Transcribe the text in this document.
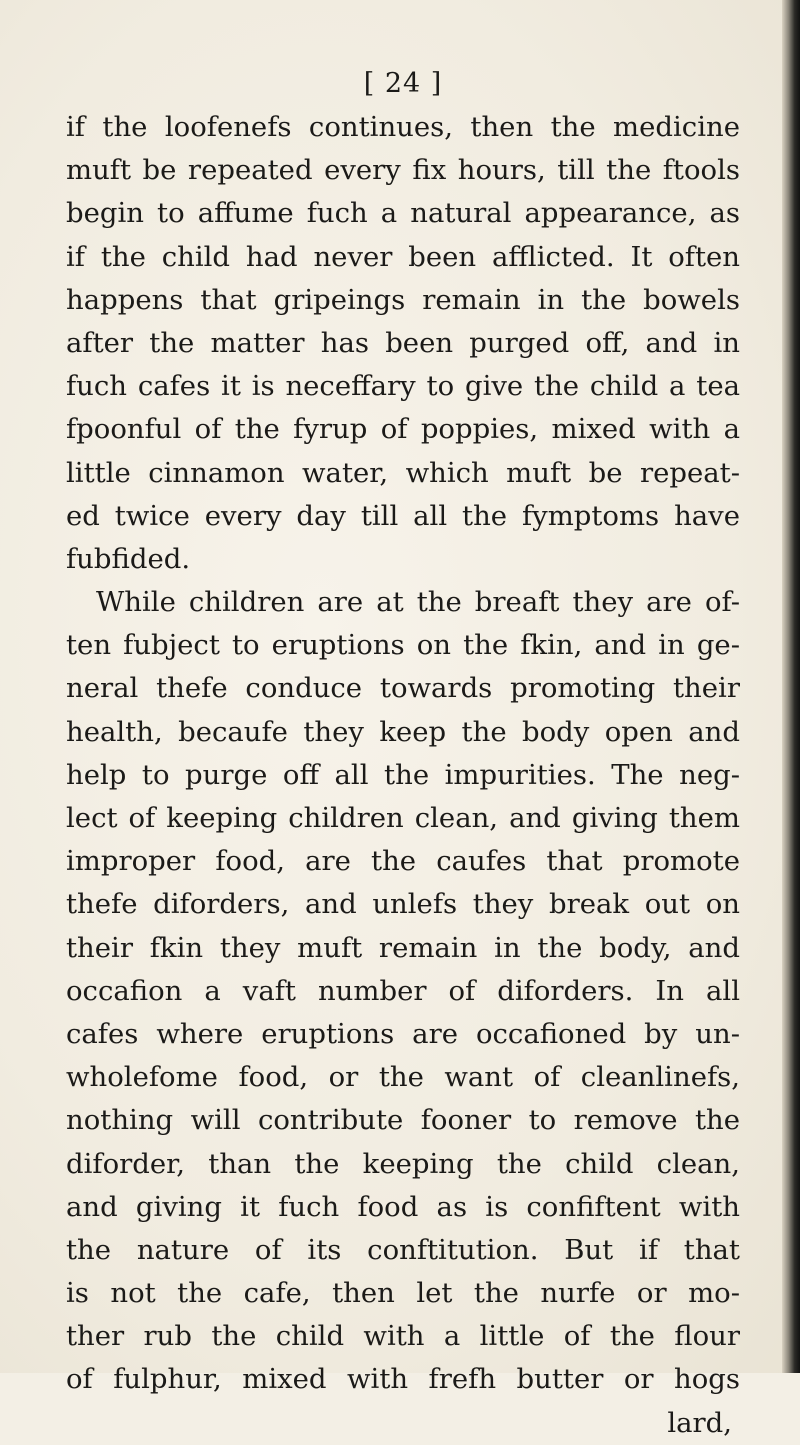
[ 24 ]
if the loofenefs continues, then the medicine
muft be repeated every fix hours, till the ftools
begin to affume fuch a natural appearance, as
if the child had never been afflicted. It often
happens that gripeings remain in the bowels
after the matter has been purged off, and in
fuch cafes it is neceffary to give the child a tea
fpoonful of the fyrup of poppies, mixed with a
little cinnamon water, which muft be repeat-
ed twice every day till all the fymptoms have
fubfided.
While children are at the breaft they are of-
ten fubject to eruptions on the fkin, and in ge-
neral thefe conduce towards promoting their
health, becaufe they keep the body open and
help to purge off all the impurities. The neg-
lect of keeping children clean, and giving them
improper food, are the caufes that promote
thefe diforders, and unlefs they break out on
their fkin they muft remain in the body, and
occafion a vaft number of diforders. In all
cafes where eruptions are occafioned by un-
wholefome food, or the want of cleanlinefs,
nothing will contribute fooner to remove the
diforder, than the keeping the child clean,
and giving it fuch food as is confiftent with
the nature of its conftitution. But if that
is not the cafe, then let the nurfe or mo-
ther rub the child with a little of the flour
of fulphur, mixed with frefh butter or hogs
lard,
